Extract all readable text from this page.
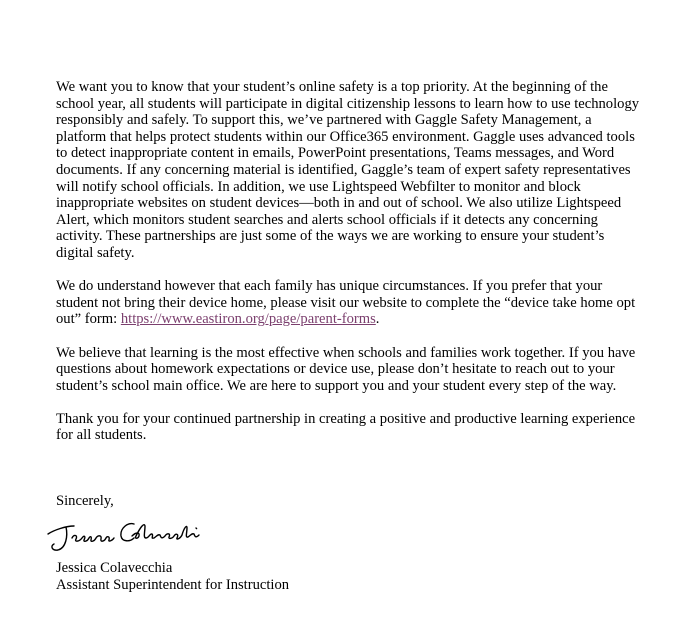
We want you to know that your student’s online safety is a top priority. At the beginning of the school year, all students will participate in digital citizenship lessons to learn how to use technology responsibly and safely. To support this, we’ve partnered with Gaggle Safety Management, a platform that helps protect students within our Office365 environment. Gaggle uses advanced tools to detect inappropriate content in emails, PowerPoint presentations, Teams messages, and Word documents. If any concerning material is identified, Gaggle’s team of expert safety representatives will notify school officials. In addition, we use Lightspeed Webfilter to monitor and block inappropriate websites on student devices—both in and out of school. We also utilize Lightspeed Alert, which monitors student searches and alerts school officials if it detects any concerning activity. These partnerships are just some of the ways we are working to ensure your student’s digital safety.

We do understand however that each family has unique circumstances. If you prefer that your student not bring their device home, please visit our website to complete the “device take home opt out” form: https://www.eastiron.org/page/parent-forms.

We believe that learning is the most effective when schools and families work together. If you have questions about homework expectations or device use, please don’t hesitate to reach out to your student’s school main office. We are here to support you and your student every step of the way.

Thank you for your continued partnership in creating a positive and productive learning experience for all students.

Sincerely,
Jessica Colavecchia
Jessica Colavecchia
Assistant Superintendent for Instruction
